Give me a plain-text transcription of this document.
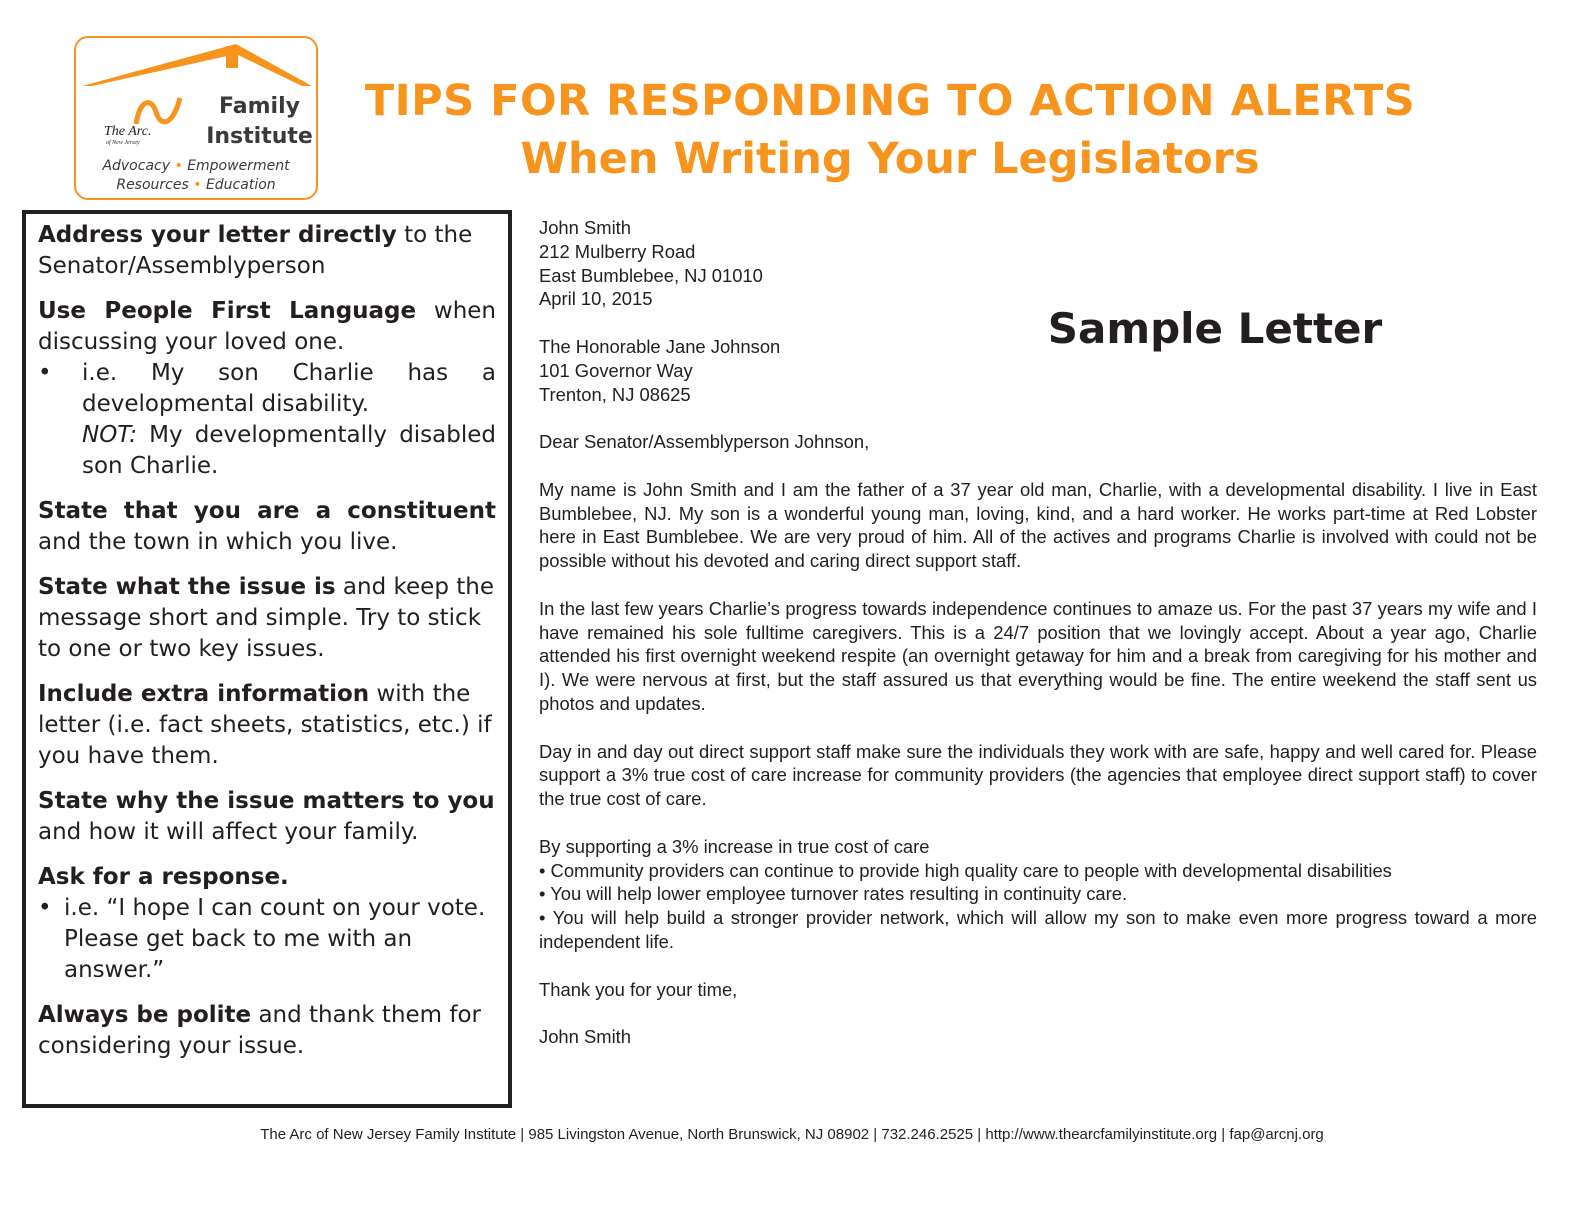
Family
Institute
The Arc.
of New Jersey
Advocacy • Empowerment
Resources • Education
TIPS FOR RESPONDING TO ACTION ALERTS
When Writing Your Legislators
Address your letter directly to the Senator/Assemblyperson
Use People First Language when discussing your loved one.
•	i.e. My son Charlie has a developmental disability.
NOT: My developmentally disabled son Charlie.
State that you are a constituent and the town in which you live.
State what the issue is and keep the message short and simple. Try to stick to one or two key issues.
Include extra information with the letter (i.e. fact sheets, statistics, etc.) if you have them.
State why the issue matters to you and how it will affect your family.
Ask for a response.
• i.e. “I hope I can count on your vote. Please get back to me with an answer.”
Always be polite and thank them for considering your issue.
Sample Letter

John Smith
212 Mulberry Road
East Bumblebee, NJ 01010
April 10, 2015

The Honorable Jane Johnson
101 Governor Way
Trenton, NJ 08625

Dear Senator/Assemblyperson Johnson,

My name is John Smith and I am the father of a 37 year old man, Charlie, with a developmental disability. I live in East Bumblebee, NJ. My son is a wonderful young man, loving, kind, and a hard worker. He works part-time at Red Lobster here in East Bumblebee. We are very proud of him. All of the actives and programs Charlie is involved with could not be possible without his devoted and caring direct support staff.

In the last few years Charlie’s progress towards independence continues to amaze us. For the past 37 years my wife and I have remained his sole fulltime caregivers. This is a 24/7 position that we lovingly accept. About a year ago, Charlie attended his first overnight weekend respite (an overnight getaway for him and a break from caregiving for his mother and I). We were nervous at first, but the staff assured us that everything would be fine. The entire weekend the staff sent us photos and updates.

Day in and day out direct support staff make sure the individuals they work with are safe, happy and well cared for. Please support a 3% true cost of care increase for community providers (the agencies that employee direct support staff) to cover the true cost of care.

By supporting a 3% increase in true cost of care
• Community providers can continue to provide high quality care to people with developmental disabilities
• You will help lower employee turnover rates resulting in continuity care.
• You will help build a stronger provider network, which will allow my son to make even more progress toward a more independent life.

Thank you for your time,

John Smith

The Arc of New Jersey Family Institute | 985 Livingston Avenue, North Brunswick, NJ 08902 | 732.246.2525 | http://www.thearcfamilyinstitute.org | fap@arcnj.org
